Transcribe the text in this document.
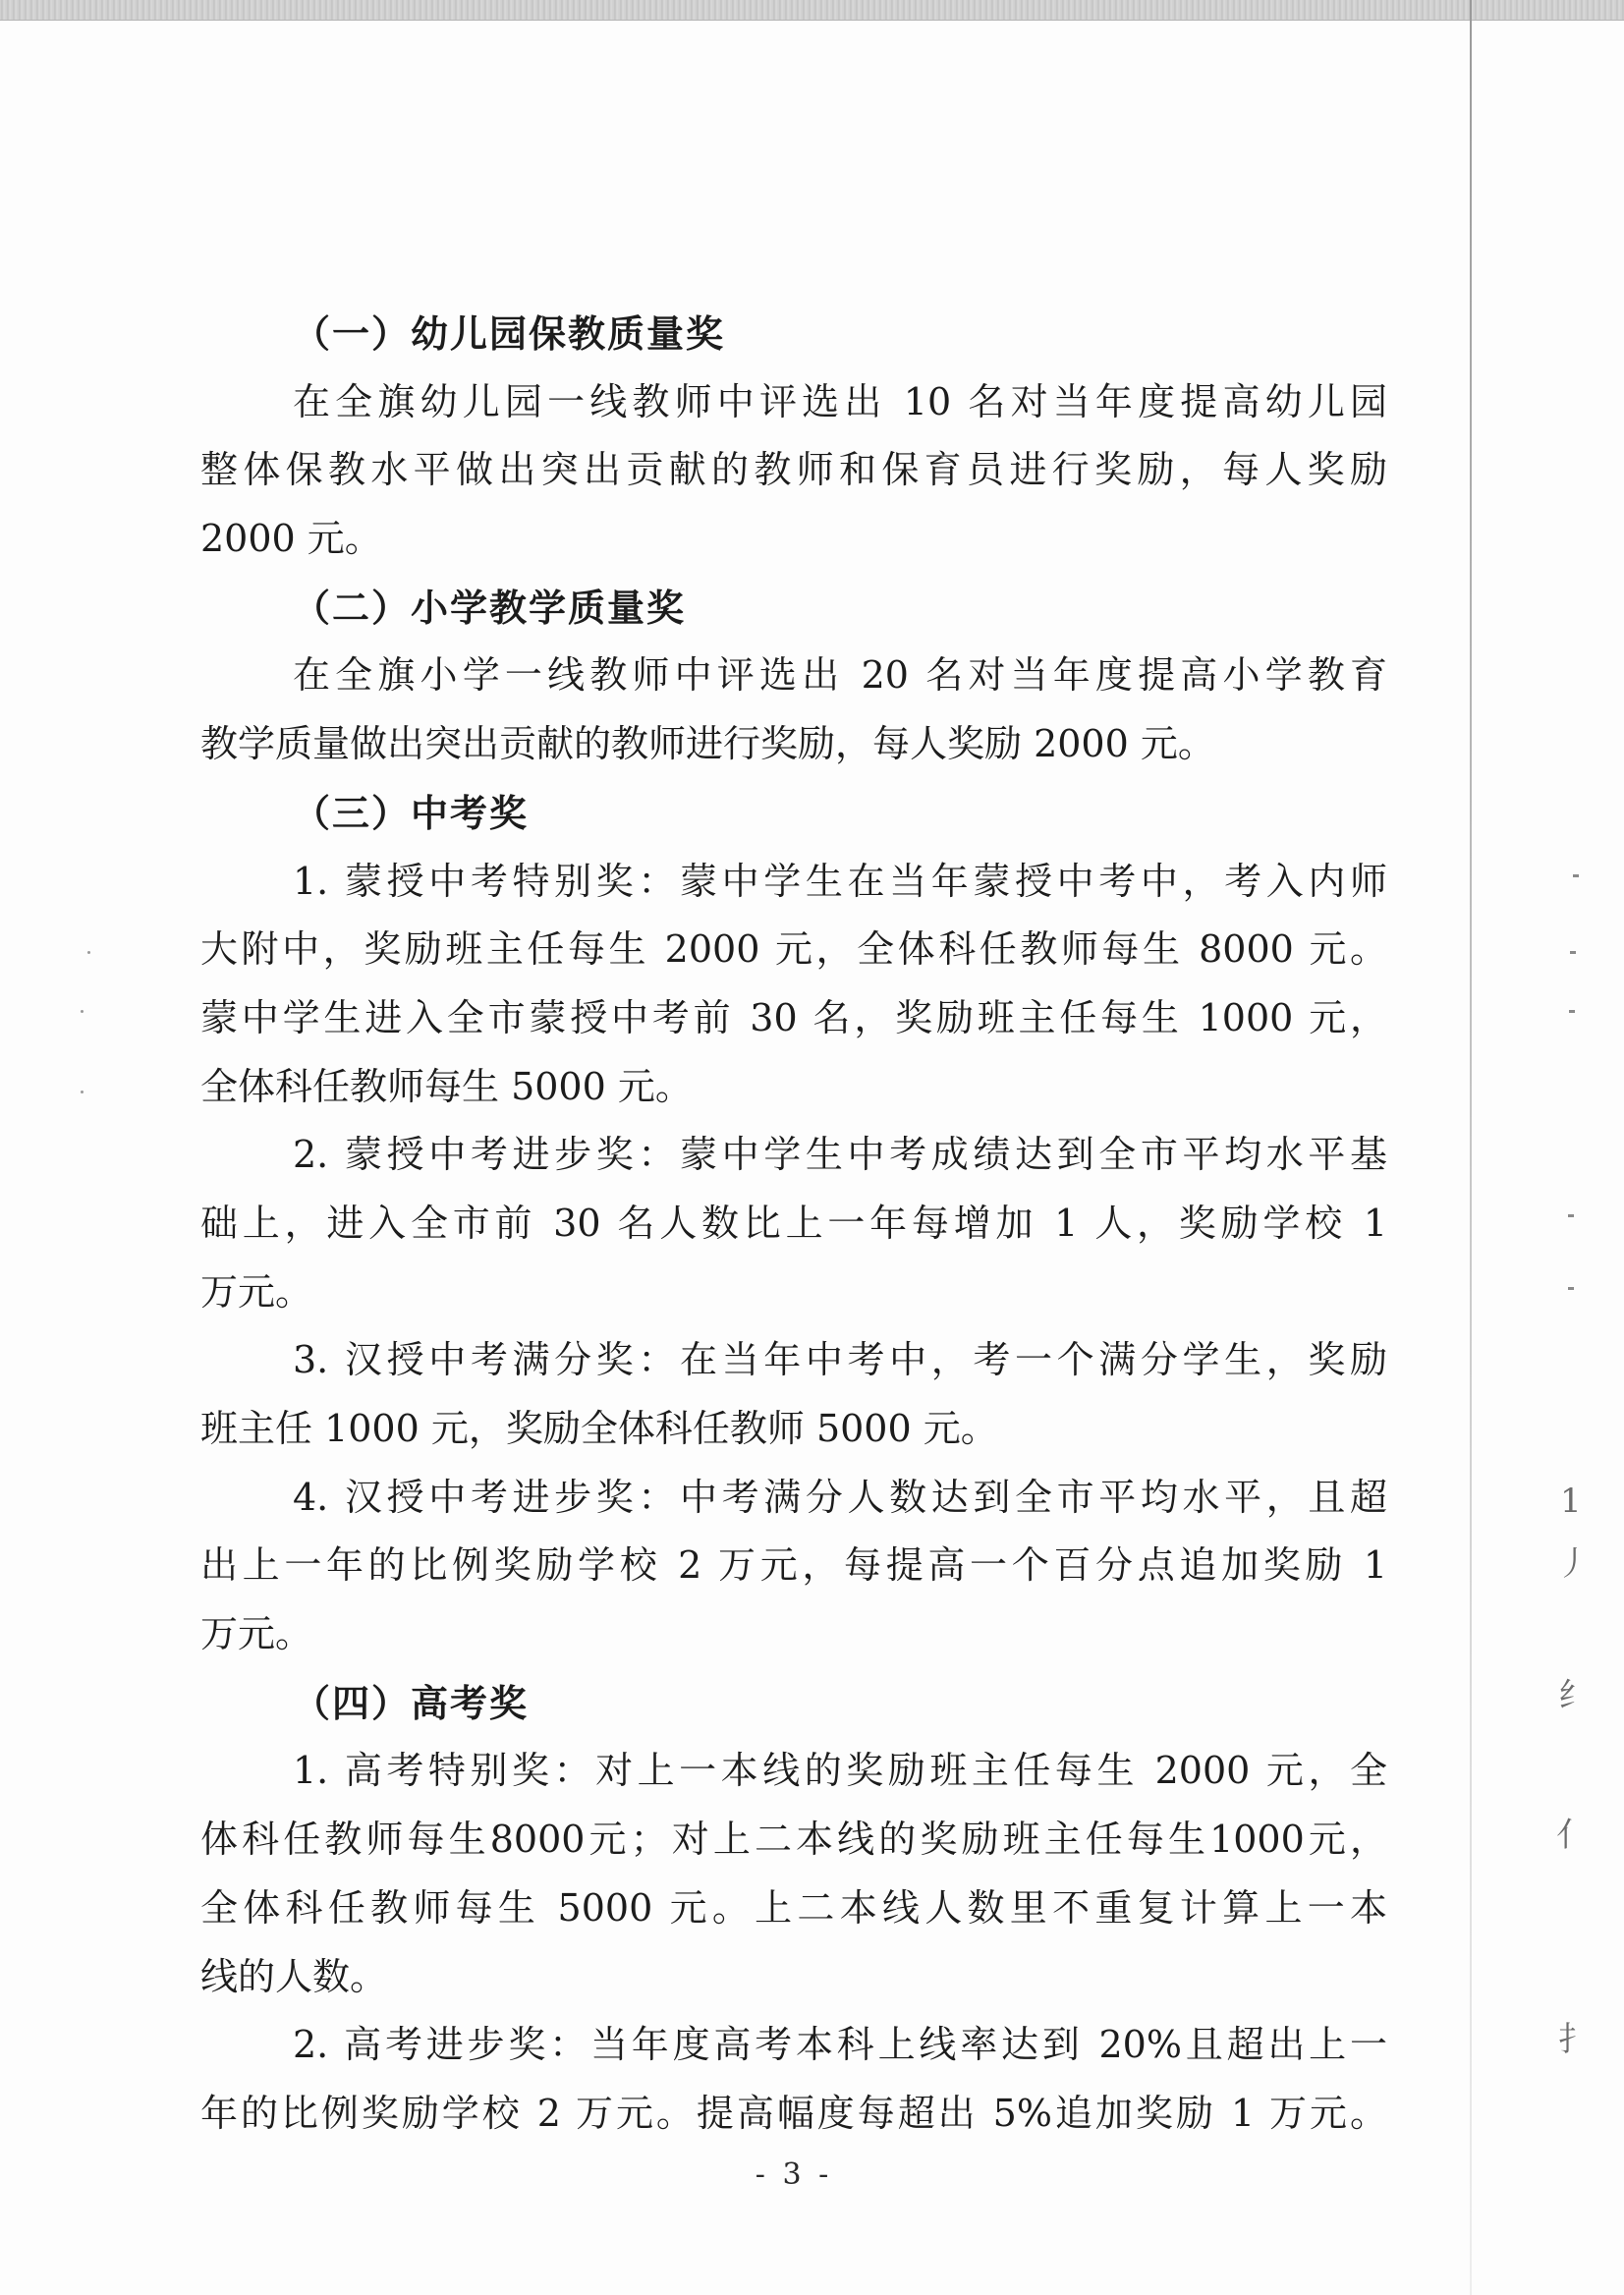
（一）幼儿园保教质量奖
在全旗幼儿园一线教师中评选出 10 名对当年度提高幼儿园
整体保教水平做出突出贡献的教师和保育员进行奖励，每人奖励
2000 元。
（二）小学教学质量奖
在全旗小学一线教师中评选出 20 名对当年度提高小学教育
教学质量做出突出贡献的教师进行奖励，每人奖励 2000 元。
（三）中考奖
1. 蒙授中考特别奖：蒙中学生在当年蒙授中考中，考入内师
大附中，奖励班主任每生 2000 元，全体科任教师每生 8000 元。
蒙中学生进入全市蒙授中考前 30 名，奖励班主任每生 1000 元，
全体科任教师每生 5000 元。
2. 蒙授中考进步奖：蒙中学生中考成绩达到全市平均水平基
础上，进入全市前 30 名人数比上一年每增加 1 人，奖励学校 1
万元。
3. 汉授中考满分奖：在当年中考中，考一个满分学生，奖励
班主任 1000 元，奖励全体科任教师 5000 元。
4. 汉授中考进步奖：中考满分人数达到全市平均水平，且超
出上一年的比例奖励学校 2 万元，每提高一个百分点追加奖励 1
万元。
（四）高考奖
1. 高考特别奖：对上一本线的奖励班主任每生 2000 元，全
体科任教师每生8000元；对上二本线的奖励班主任每生1000元，
全体科任教师每生 5000 元。上二本线人数里不重复计算上一本
线的人数。
2. 高考进步奖：当年度高考本科上线率达到 20%且超出上一
年的比例奖励学校 2 万元。提高幅度每超出 5%追加奖励 1 万元。
- 3 -
1
丿
纟
亻
扌
